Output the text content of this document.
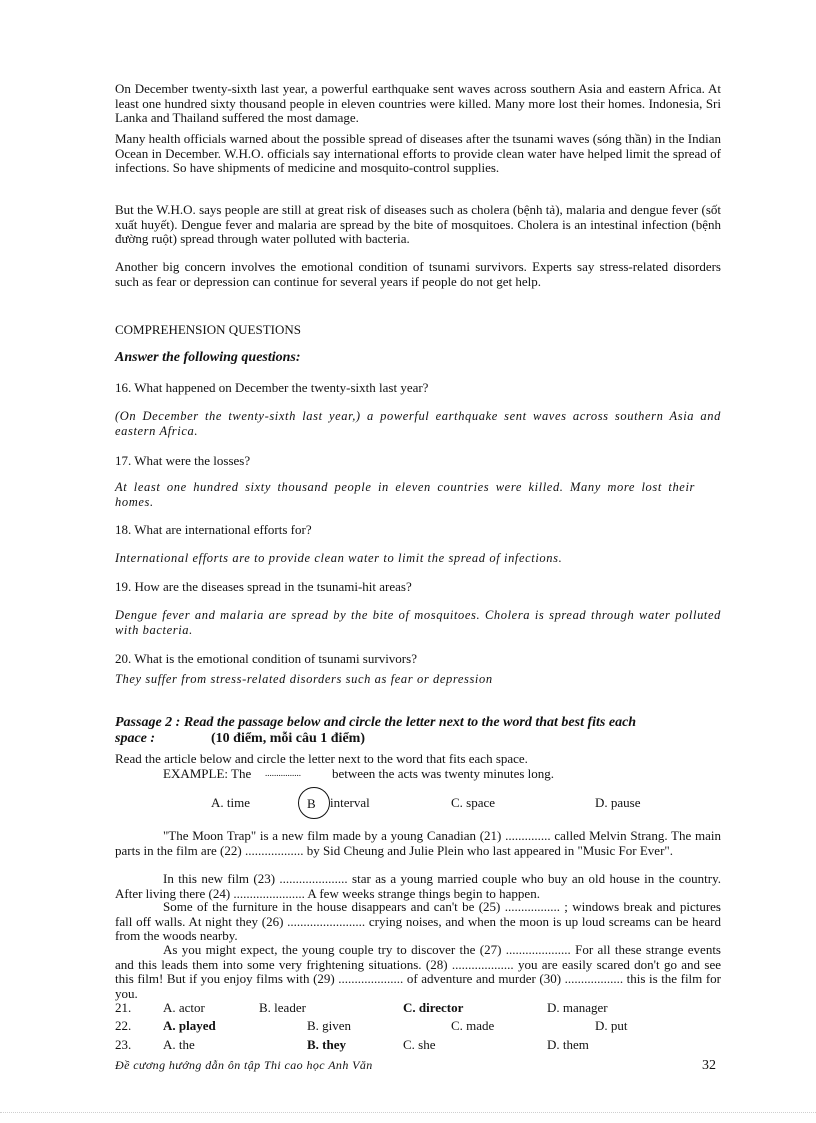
On December twenty-sixth last year, a powerful earthquake sent waves across southern Asia and eastern Africa. At least one hundred sixty thousand people in eleven countries were killed. Many more lost their homes. Indonesia, Sri Lanka and Thailand suffered the most damage.

Many health officials warned about the possible spread of diseases after the tsunami waves (sóng thần) in the Indian Ocean in December. W.H.O. officials say international efforts to provide clean water have helped limit the spread of infections. So have shipments of medicine and mosquito-control supplies.

But the W.H.O. says people are still at great risk of diseases such as cholera (bệnh tả), malaria and dengue fever (sốt xuất huyết). Dengue fever and malaria are spread by the bite of mosquitoes. Cholera is an intestinal infection (bệnh đường ruột) spread through water polluted with bacteria.

Another big concern involves the emotional condition of tsunami survivors. Experts say stress-related disorders such as fear or depression can continue for several years if people do not get help.

COMPREHENSION QUESTIONS
Answer the following questions:
16. What happened on December the twenty-sixth last year?

(On December the twenty-sixth last year,) a powerful earthquake sent waves across southern Asia and eastern Africa.

17. What were the losses?

At least one hundred sixty thousand people in eleven countries were killed. Many more lost their homes.

18. What are international efforts for?

International efforts are to provide clean water to limit the spread of infections.

19. How are the diseases spread in the tsunami-hit areas?

Dengue fever and malaria are spread by the bite of mosquitoes. Cholera is spread through water polluted with bacteria.

20. What is the emotional condition of tsunami survivors?
They suffer from stress-related disorders such as fear or depression
Passage 2 : Read the passage below and circle the letter next to the word that best fits each
space :	(10 điểm, mỗi câu 1 điểm)
Read the article below and circle the letter next to the word that fits each space.
EXAMPLE: The ................ between the acts was twenty minutes long.
A. time	B interval	C. space	D. pause

"The Moon Trap" is a new film made by a young Canadian (21) .............. called Melvin Strang. The main parts in the film are (22) .................. by Sid Cheung and Julie Plein who last appeared in "Music For Ever".

In this new film (23) ..................... star as a young married couple who buy an old house in the country. After living there (24) ...................... A few weeks strange things begin to happen.

Some of the furniture in the house disappears and can't be (25) ................. ; windows break and pictures fall off walls. At night they (26) ........................ crying noises, and when the moon is up loud screams can be heard from the woods nearby.

As you might expect, the young couple try to discover the (27) .................... For all these strange events and this leads them into some very frightening situations. (28) ................... you are easily scared don't go and see this film! But if you enjoy films with (29) .................... of adventure and murder (30) .................. this is the film for you.

21. A. actor	B. leader	C. director	D. manager
22. A. played	B. given	C. made	D. put
23. A. the	B. they	C. she	D. them
Đề cương hướng dẫn ôn tập Thi cao học Anh Văn	32
